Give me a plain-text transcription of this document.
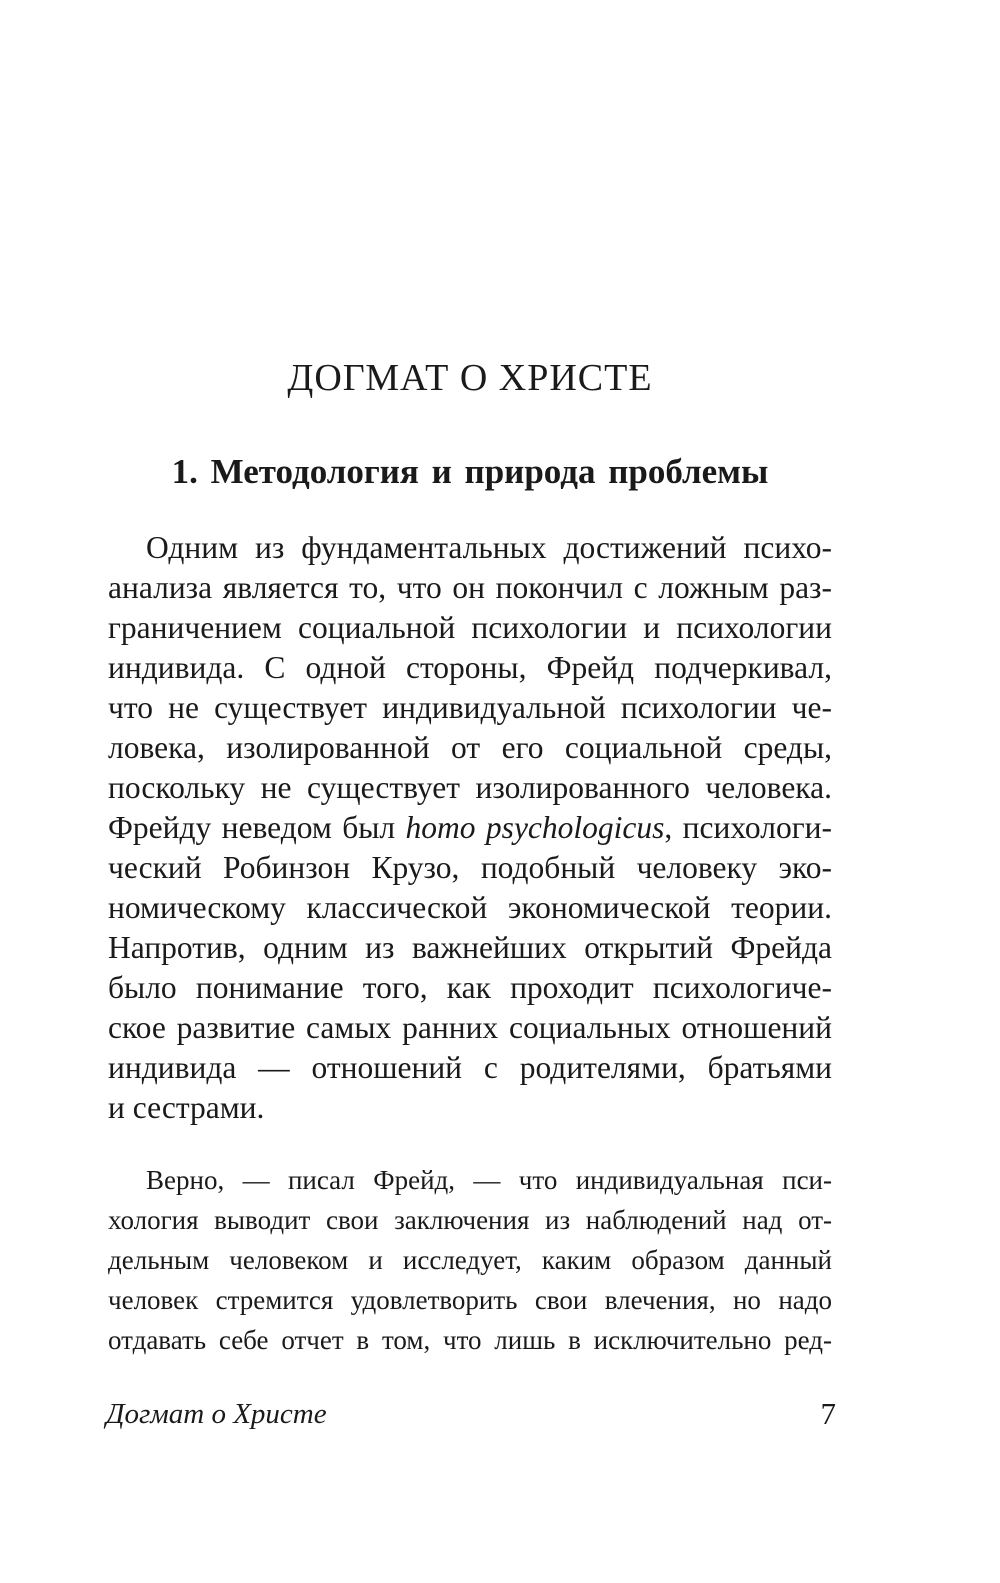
ДОГМАТ О ХРИСТЕ
1. Методология и природа проблемы
Одним из фундаментальных достижений психо-
анализа является то, что он покончил с ложным раз-
граничением социальной психологии и психологии
индивида. С одной стороны, Фрейд подчеркивал,
что не существует индивидуальной психологии че-
ловека, изолированной от его социальной среды,
поскольку не существует изолированного человека.
Фрейду неведом был homo psychologicus, психологи-
ческий Робинзон Крузо, подобный человеку эко-
номическому классической экономической теории.
Напротив, одним из важнейших открытий Фрейда
было понимание того, как проходит психологиче-
ское развитие самых ранних социальных отношений
индивида — отношений с родителями, братьями
и сестрами.
Верно, — писал Фрейд, — что индивидуальная пси-
хология выводит свои заключения из наблюдений над от-
дельным человеком и исследует, каким образом данный
человек стремится удовлетворить свои влечения, но надо
отдавать себе отчет в том, что лишь в исключительно ред-
Догмат о Христе	7
